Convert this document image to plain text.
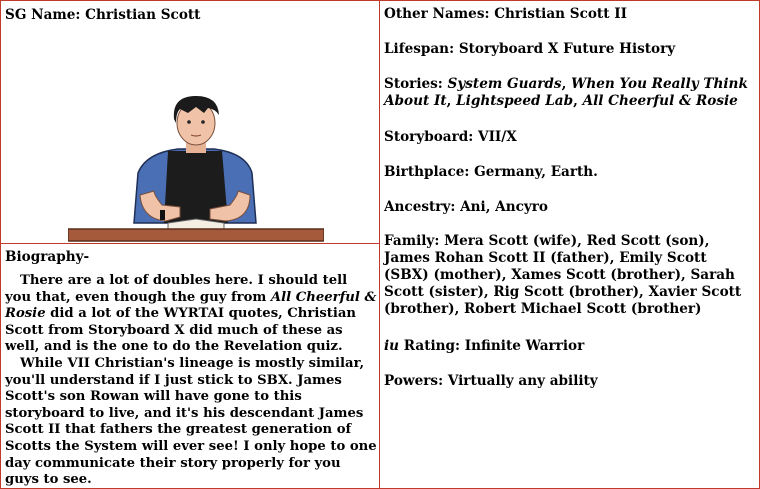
SG Name: Christian Scott
Biography-

There are a lot of doubles here. I should tell you that, even though the guy from All Cheerful & Rosie did a lot of the WYRTAI quotes, Christian Scott from Storyboard X did much of these as well, and is the one to do the Revelation quiz.

While VII Christian's lineage is mostly similar, you'll understand if I just stick to SBX. James Scott's son Rowan will have gone to this storyboard to live, and it's his descendant James Scott II that fathers the greatest generation of Scotts the System will ever see! I only hope to one day communicate their story properly for you guys to see.

Other Names: Christian Scott II
Lifespan: Storyboard X Future History
Stories: System Guards, When You Really Think About It, Lightspeed Lab, All Cheerful & Rosie
Storyboard: VII/X
Birthplace: Germany, Earth.
Ancestry: Ani, Ancyro
Family: Mera Scott (wife), Red Scott (son), James Rohan Scott II (father), Emily Scott (SBX) (mother), Xames Scott (brother), Sarah Scott (sister), Rig Scott (brother), Xavier Scott (brother), Robert Michael Scott (brother)
iu Rating: Infinite Warrior
Powers: Virtually any ability
